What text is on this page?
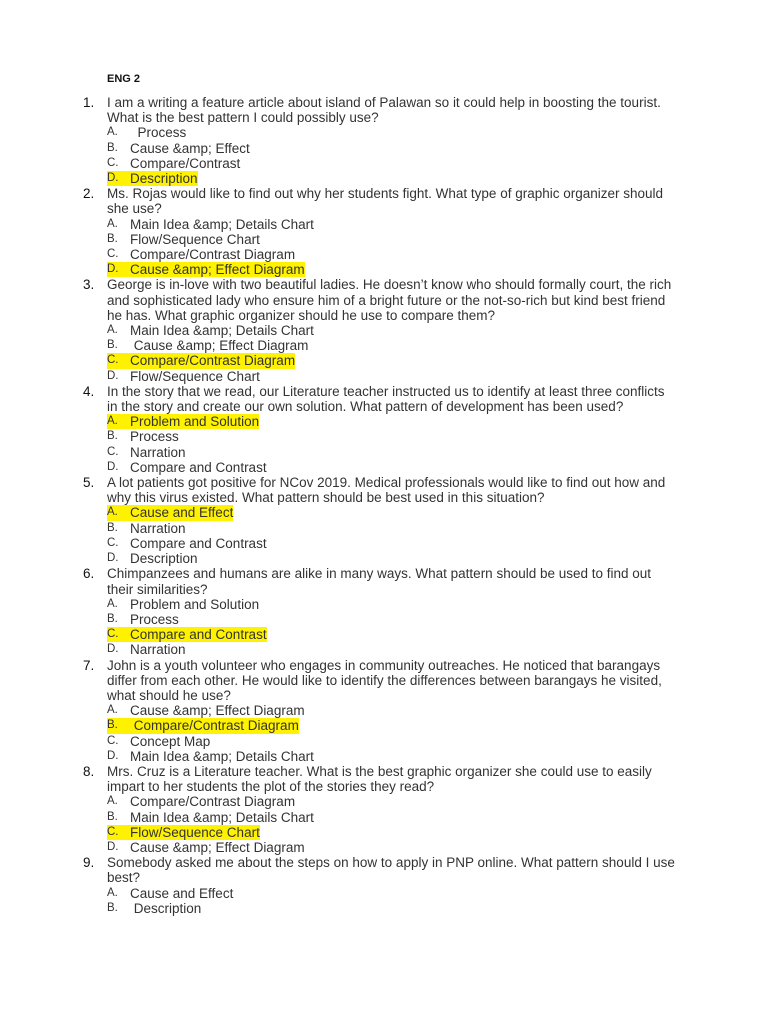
ENG 2
1. I am a writing a feature article about island of Palawan so it could help in boosting the tourist. What is the best pattern I could possibly use?
A. Process
B. Cause &amp; Effect
C. Compare/Contrast
D. Description
2. Ms. Rojas would like to find out why her students fight. What type of graphic organizer should she use?
A. Main Idea &amp; Details Chart
B. Flow/Sequence Chart
C. Compare/Contrast Diagram
D. Cause &amp; Effect Diagram
3. George is in-love with two beautiful ladies. He doesn’t know who should formally court, the rich and sophisticated lady who ensure him of a bright future or the not-so-rich but kind best friend he has. What graphic organizer should he use to compare them?
A. Main Idea &amp; Details Chart
B. Cause &amp; Effect Diagram
C. Compare/Contrast Diagram
D. Flow/Sequence Chart
4. In the story that we read, our Literature teacher instructed us to identify at least three conflicts in the story and create our own solution. What pattern of development has been used?
A. Problem and Solution
B. Process
C. Narration
D. Compare and Contrast
5. A lot patients got positive for NCov 2019. Medical professionals would like to find out how and why this virus existed. What pattern should be best used in this situation?
A. Cause and Effect
B. Narration
C. Compare and Contrast
D. Description
6. Chimpanzees and humans are alike in many ways. What pattern should be used to find out their similarities?
A. Problem and Solution
B. Process
C. Compare and Contrast
D. Narration
7. John is a youth volunteer who engages in community outreaches. He noticed that barangays differ from each other. He would like to identify the differences between barangays he visited, what should he use?
A. Cause &amp; Effect Diagram
B. Compare/Contrast Diagram
C. Concept Map
D. Main Idea &amp; Details Chart
8. Mrs. Cruz is a Literature teacher. What is the best graphic organizer she could use to easily impart to her students the plot of the stories they read?
A. Compare/Contrast Diagram
B. Main Idea &amp; Details Chart
C. Flow/Sequence Chart
D. Cause &amp; Effect Diagram
9. Somebody asked me about the steps on how to apply in PNP online. What pattern should I use best?
A. Cause and Effect
B. Description
